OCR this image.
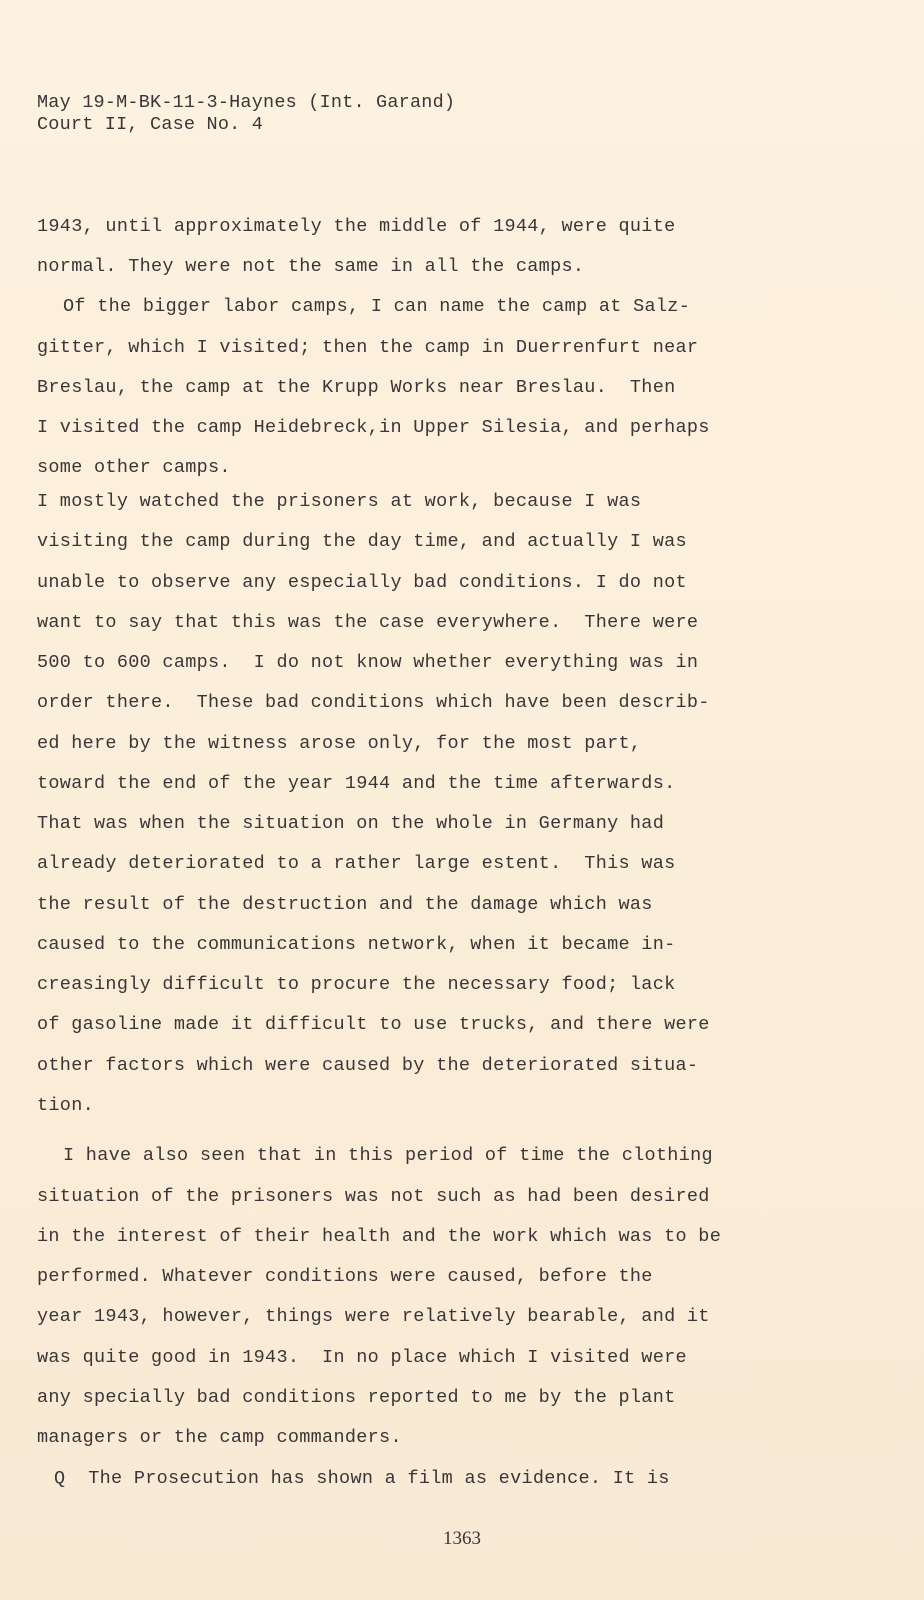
May 19-M-BK-11-3-Haynes (Int. Garand)
Court II, Case No. 4
1943, until approximately the middle of 1944, were quite
normal. They were not the same in all the camps.
Of the bigger labor camps, I can name the camp at Salz-
gitter, which I visited; then the camp in Duerrenfurt near
Breslau, the camp at the Krupp Works near Breslau.  Then
I visited the camp Heidebreck,in Upper Silesia, and perhaps
some other camps.
I mostly watched the prisoners at work, because I was
visiting the camp during the day time, and actually I was
unable to observe any especially bad conditions. I do not
want to say that this was the case everywhere.  There were
500 to 600 camps.  I do not know whether everything was in
order there.  These bad conditions which have been describ-
ed here by the witness arose only, for the most part,
toward the end of the year 1944 and the time afterwards.
That was when the situation on the whole in Germany had
already deteriorated to a rather large estent.  This was
the result of the destruction and the damage which was
caused to the communications network, when it became in-
creasingly difficult to procure the necessary food; lack
of gasoline made it difficult to use trucks, and there were
other factors which were caused by the deteriorated situa-
tion.
I have also seen that in this period of time the clothing
situation of the prisoners was not such as had been desired
in the interest of their health and the work which was to be
performed. Whatever conditions were caused, before the
year 1943, however, things were relatively bearable, and it
was quite good in 1943.  In no place which I visited were
any specially bad conditions reported to me by the plant
managers or the camp commanders.
Q  The Prosecution has shown a film as evidence. It is
1363
